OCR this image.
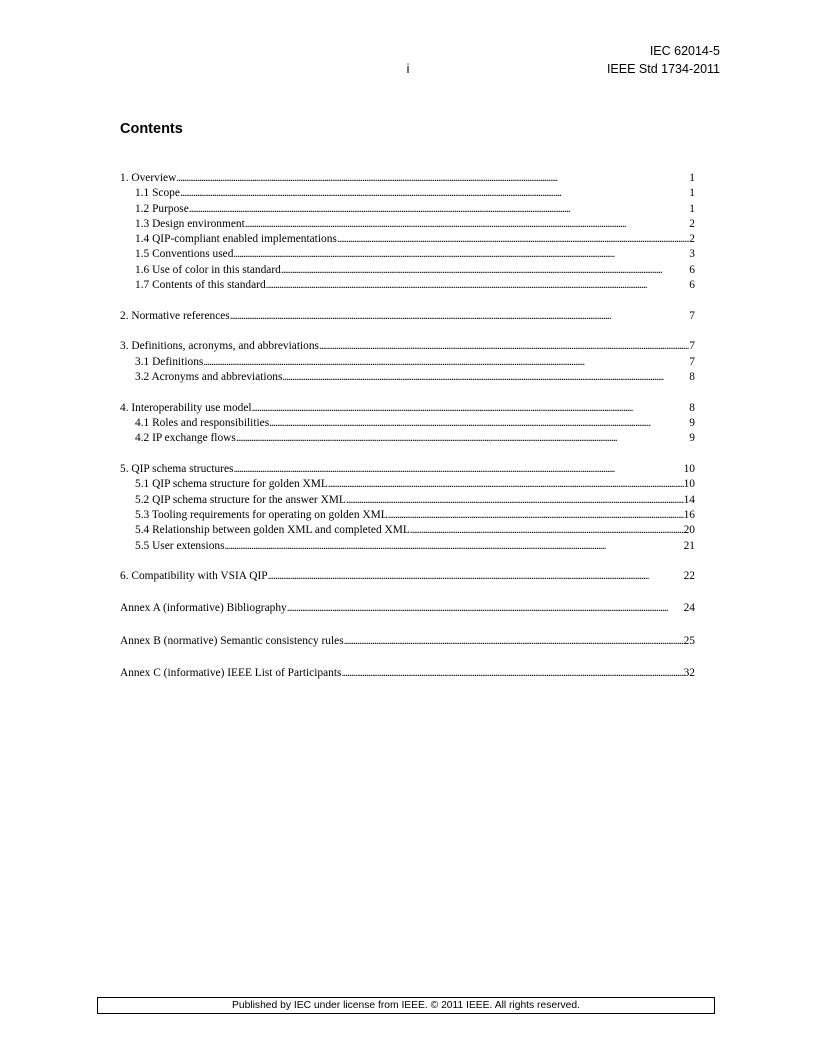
IEC 62014-5
i	IEEE Std 1734-2011
Contents
1. Overview . . .	1
1.1 Scope . . .	1
1.2 Purpose . . .	1
1.3 Design environment . . .	2
1.4 QIP-compliant enabled implementations . . .	2
1.5 Conventions used . . .	3
1.6 Use of color in this standard . . .	6
1.7 Contents of this standard . . .	6
2. Normative references . . .	7
3. Definitions, acronyms, and abbreviations . . .	7
3.1 Definitions . . .	7
3.2 Acronyms and abbreviations . . .	8
4. Interoperability use model . . .	8
4.1 Roles and responsibilities . . .	9
4.2 IP exchange flows . . .	9
5. QIP schema structures . . .	10
5.1 QIP schema structure for golden XML . . .	10
5.2 QIP schema structure for the answer XML . . .	14
5.3 Tooling requirements for operating on golden XML . . .	16
5.4 Relationship between golden XML and completed XML . . .	20
5.5 User extensions . . .	21
6. Compatibility with VSIA QIP . . .	22
Annex A (informative) Bibliography . . .	24
Annex B (normative) Semantic consistency rules . . .	25
Annex C (informative) IEEE List of Participants . . .	32
Published by IEC under license from IEEE. © 2011 IEEE. All rights reserved.
